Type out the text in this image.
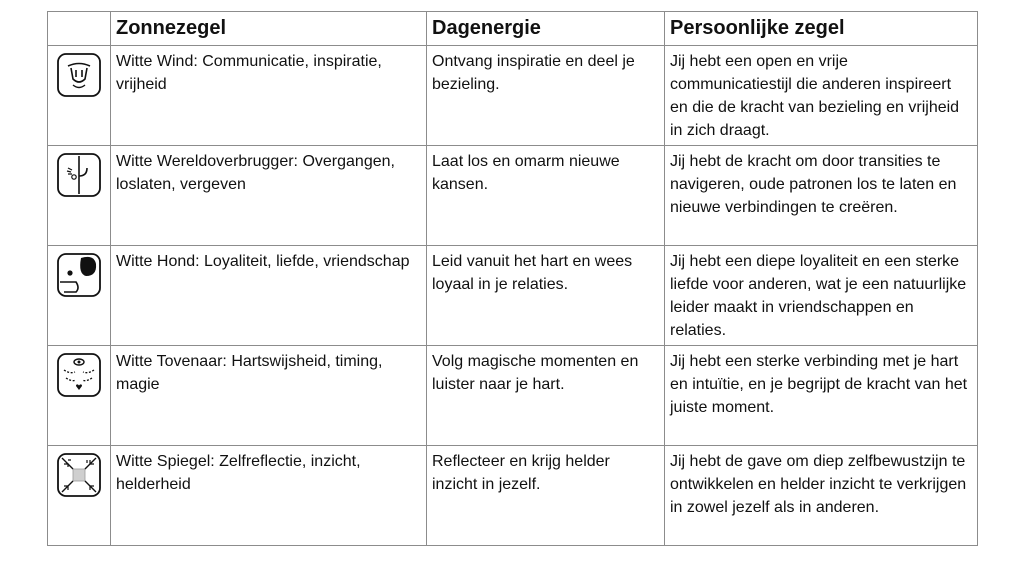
	Zonnezegel	Dagenergie	Persoonlijke zegel

	Witte Wind: Communicatie, inspiratie, vrijheid	Ontvang inspiratie en deel je bezieling.	Jij hebt een open en vrije communicatiestijl die anderen inspireert en die de kracht van bezieling en vrijheid in zich draagt.

	Witte Wereldoverbrugger: Overgangen, loslaten, vergeven	Laat los en omarm nieuwe kansen.	Jij hebt de kracht om door transities te navigeren, oude patronen los te laten en nieuwe verbindingen te creëren.

	Witte Hond: Loyaliteit, liefde, vriendschap	Leid vanuit het hart en wees loyaal in je relaties.	Jij hebt een diepe loyaliteit en een sterke liefde voor anderen, wat je een natuurlijke leider maakt in vriendschappen en relaties.

	Witte Tovenaar: Hartswijsheid, timing, magie	Volg magische momenten en luister naar je hart.	Jij hebt een sterke verbinding met je hart en intuïtie, en je begrijpt de kracht van het juiste moment.

	Witte Spiegel: Zelfreflectie, inzicht, helderheid	Reflecteer en krijg helder inzicht in jezelf.	Jij hebt de gave om diep zelfbewustzijn te ontwikkelen en helder inzicht te verkrijgen in zowel jezelf als in anderen.
